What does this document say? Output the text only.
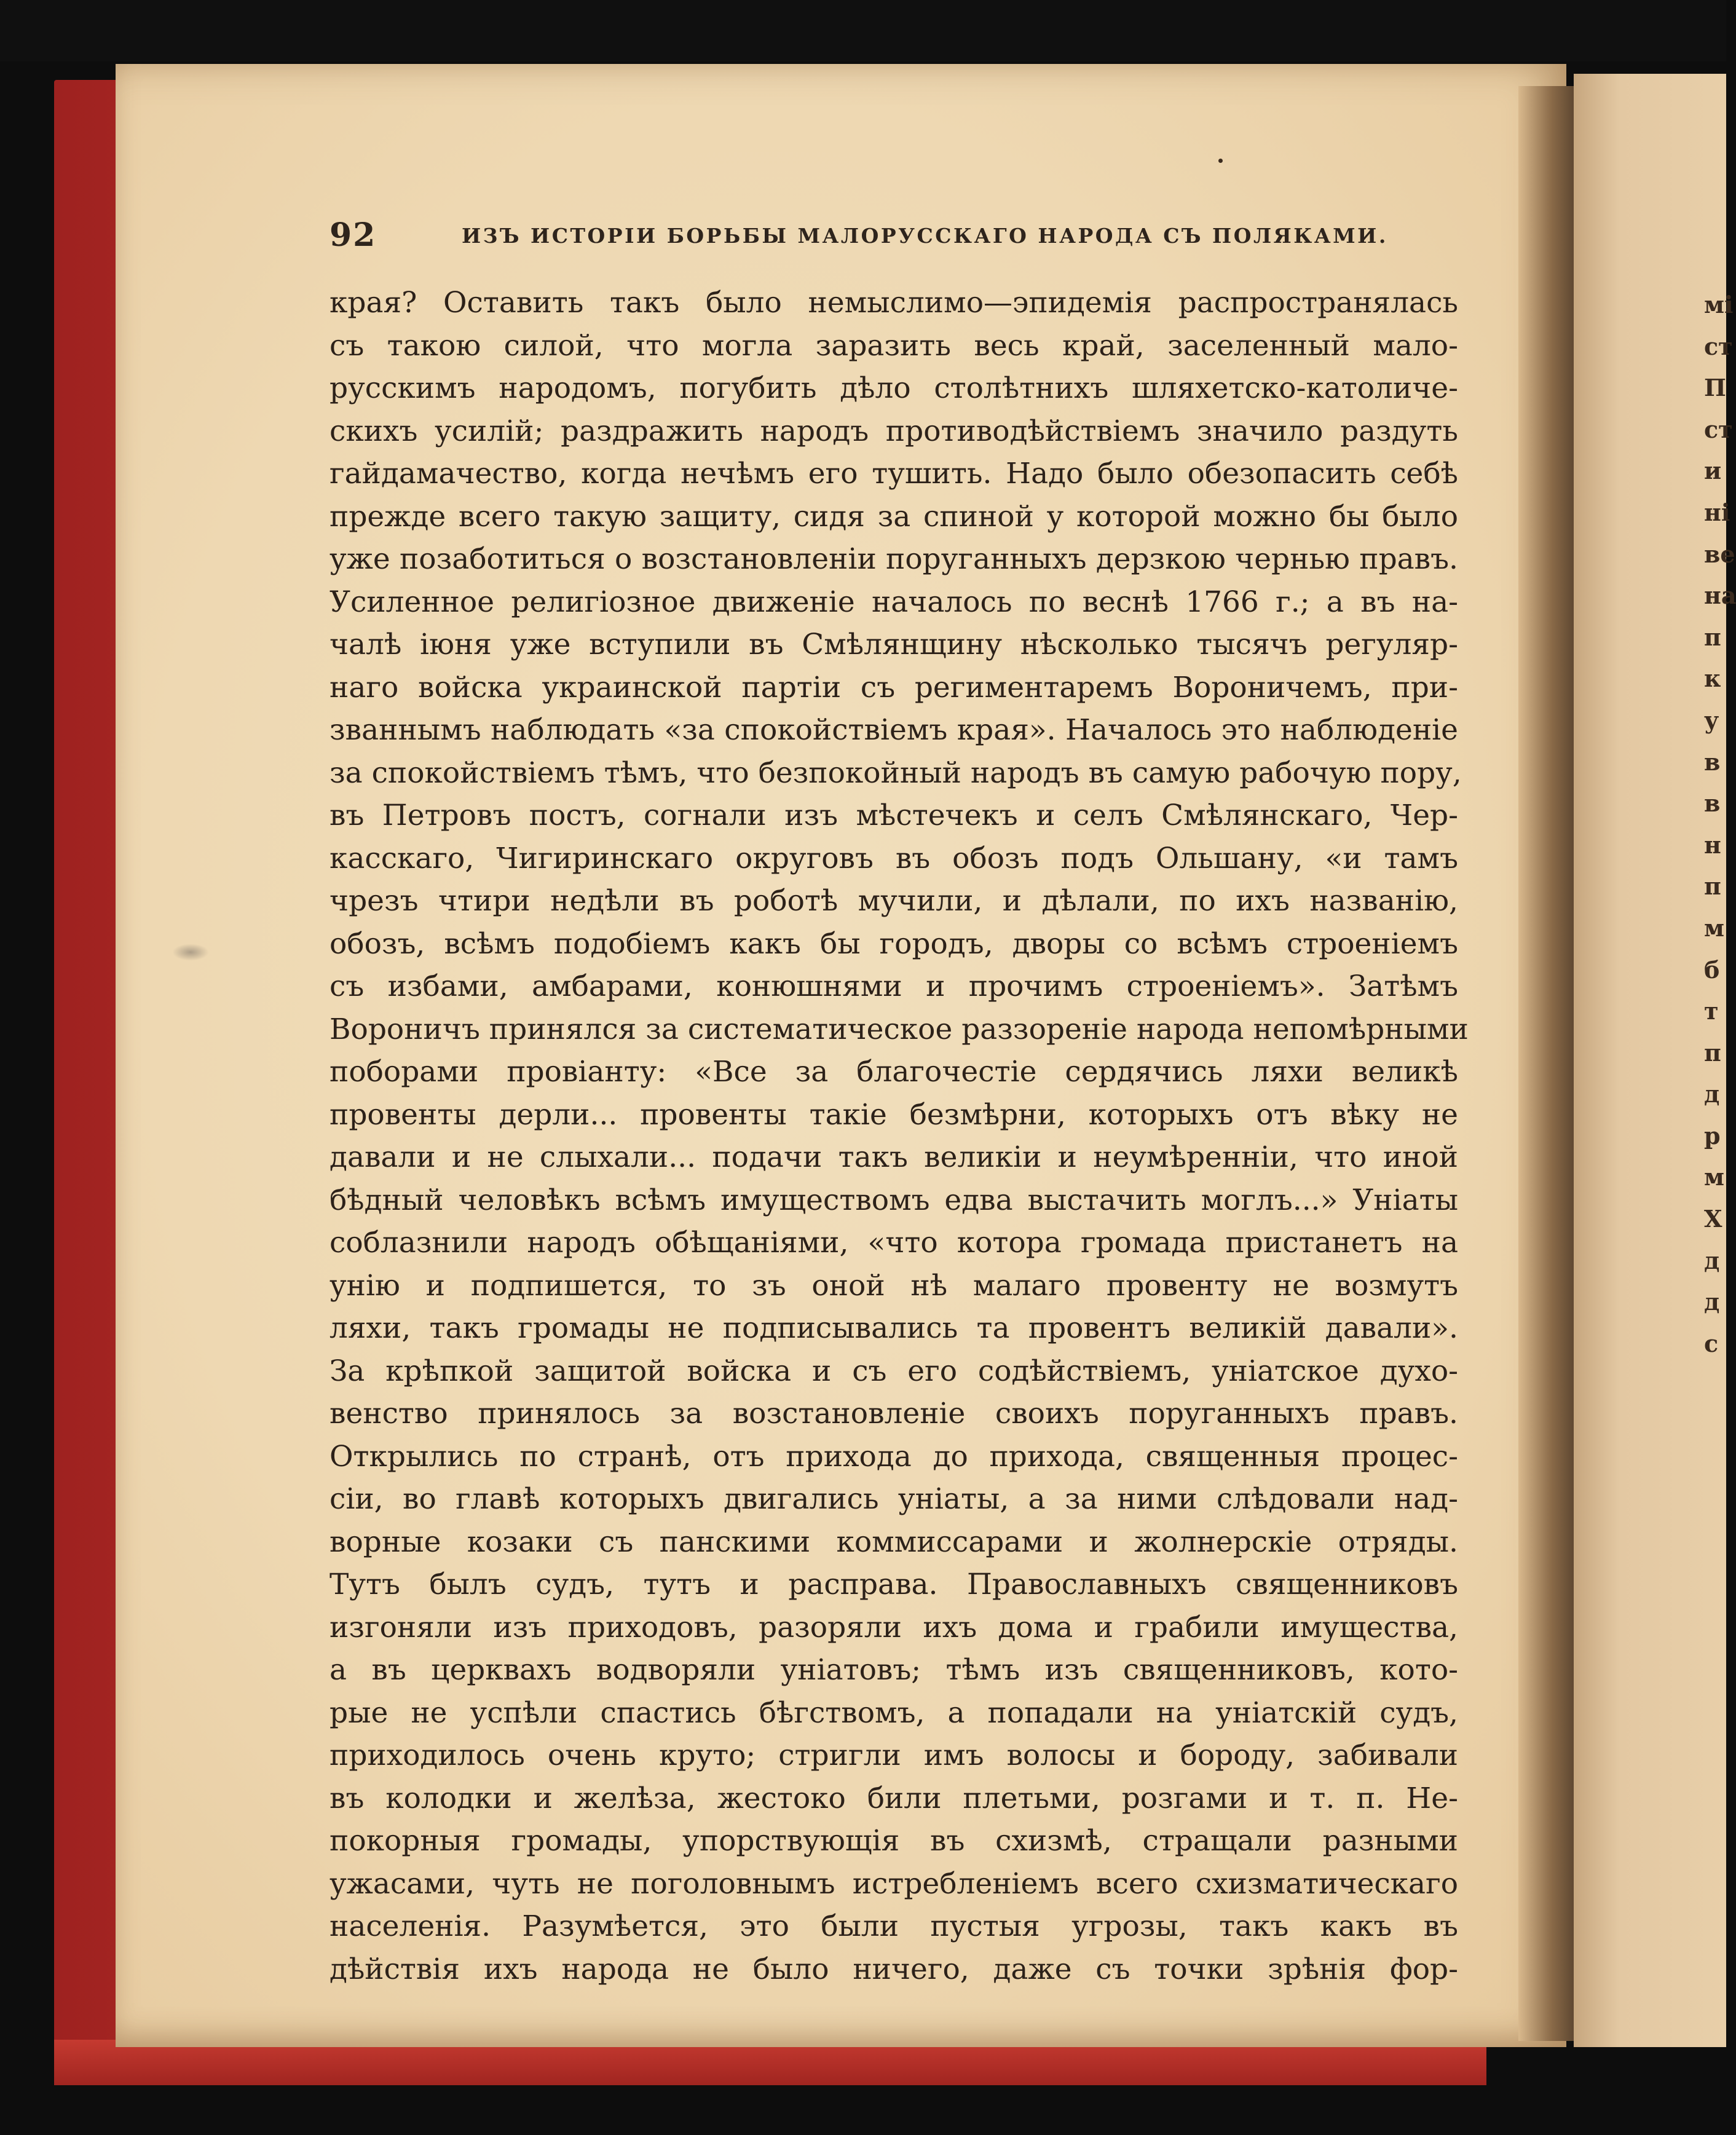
мі
ст
П
ст
и
ні
ве
на
п
к
у
в
в
н
п
м
б
т
п
д
р
м
Х
д
д
с
92	ИЗЪ ИСТОРІИ БОРЬБЫ МАЛОРУССКАГО НАРОДА СЪ ПОЛЯКАМИ.
края? Оставить такъ было немыслимо—эпидемія распространялась
съ такою силой, что могла заразить весь край, заселенный мало-
русскимъ народомъ, погубить дѣло столѣтнихъ шляхетско-католиче-
скихъ усилій; раздражить народъ противодѣйствіемъ значило раздуть
гайдамачество, когда нечѣмъ его тушить. Надо было обезопасить себѣ
прежде всего такую защиту, сидя за спиной у которой можно бы было
уже позаботиться о возстановленіи поруганныхъ дерзкою чернью правъ.
Усиленное религіозное движеніе началось по веснѣ 1766 г.; а въ на-
чалѣ іюня уже вступили въ Смѣлянщину нѣсколько тысячъ регуляр-
наго войска украинской партіи съ региментаремъ Вороничемъ, при-
званнымъ наблюдать «за спокойствіемъ края». Началось это наблюденіе
за спокойствіемъ тѣмъ, что безпокойный народъ въ самую рабочую пору,
въ Петровъ постъ, согнали изъ мѣстечекъ и селъ Смѣлянскаго, Чер-
касскаго, Чигиринскаго округовъ въ обозъ подъ Ольшану, «и тамъ
чрезъ чтири недѣли въ роботѣ мучили, и дѣлали, по ихъ названію,
обозъ, всѣмъ подобіемъ какъ бы городъ, дворы со всѣмъ строеніемъ
съ избами, амбарами, конюшнями и прочимъ строеніемъ». Затѣмъ
Вороничъ принялся за систематическое раззореніе народа непомѣрными
поборами провіанту: «Все за благочестіе сердячись ляхи великѣ
провенты дерли... провенты такіе безмѣрни, которыхъ отъ вѣку не
давали и не слыхали... подачи такъ великіи и неумѣренніи, что иной
бѣдный человѣкъ всѣмъ имуществомъ едва выстачить моглъ...» Уніаты
соблазнили народъ обѣщаніями, «что котора громада пристанетъ на
унію и подпишется, то зъ оной нѣ малаго провенту не возмутъ
ляхи, такъ громады не подписывались та провентъ великій давали».
За крѣпкой защитой войска и съ его содѣйствіемъ, уніатское духо-
венство принялось за возстановленіе своихъ поруганныхъ правъ.
Открылись по странѣ, отъ прихода до прихода, священныя процес-
сіи, во главѣ которыхъ двигались уніаты, а за ними слѣдовали над-
ворные козаки съ панскими коммиссарами и жолнерскіе отряды.
Тутъ былъ судъ, тутъ и расправа. Православныхъ священниковъ
изгоняли изъ приходовъ, разоряли ихъ дома и грабили имущества,
а въ церквахъ водворяли уніатовъ; тѣмъ изъ священниковъ, кото-
рые не успѣли спастись бѣгствомъ, а попадали на уніатскій судъ,
приходилось очень круто; стригли имъ волосы и бороду, забивали
въ колодки и желѣза, жестоко били плетьми, розгами и т. п. Не-
покорныя громады, упорствующія въ схизмѣ, стращали разными
ужасами, чуть не поголовнымъ истребленіемъ всего схизматическаго
населенія. Разумѣется, это были пустыя угрозы, такъ какъ въ
дѣйствія ихъ народа не было ничего, даже съ точки зрѣнія фор-
